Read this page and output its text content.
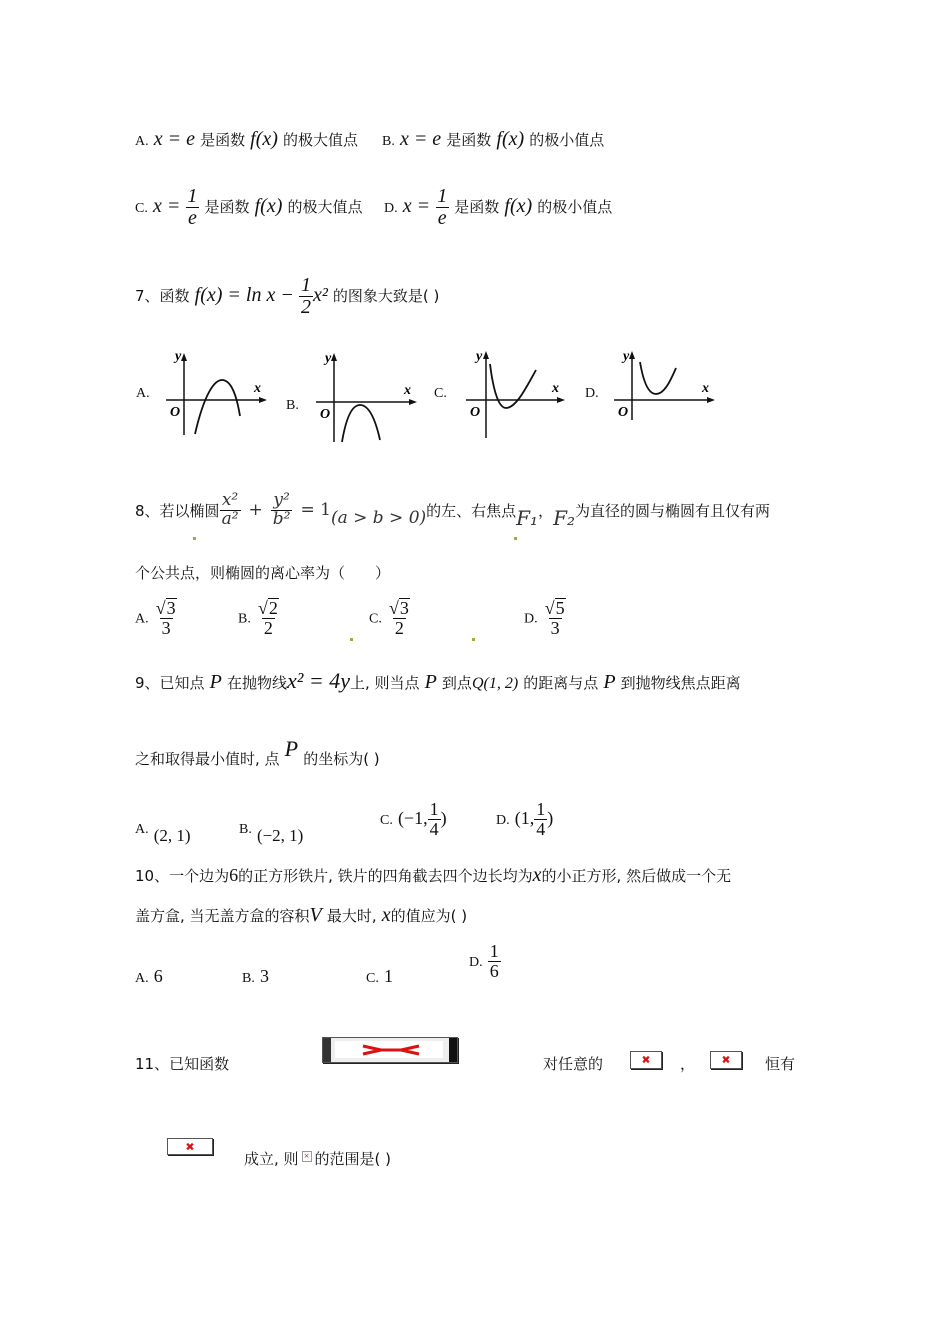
A. x = e 是函数 f(x) 的极大值点 B. x = e 是函数 f(x) 的极小值点
C. $x = \frac{1}{e}$ 是函数 f(x) 的极大值点 D. $x = \frac{1}{e}$ 是函数 f(x) 的极小值点
7、函数 $f(x) = \ln x - \frac{1}{2} x^2$ 的图象大致是( )
A.
y
x
O	B.
y
x
O
C.
y
x
O
D.
y
x
O
8、 若以椭圆 $\frac{\text{x²}}{\text{a²}} + \frac{\text{y²}}{\text{b²}} = 1$ (a > b > 0) 的左、右焦点 F₁ ， F₂ 为直径的圆与椭圆有且仅有两
个公共点，则椭圆的离心率为（　　）
A. $\frac{√ 3}{3}$	B. $\frac{√ 2}{2}$	C. $\frac{√ 3}{2}$	D. $\frac{√ 5}{3}$
9、已知点 P 在抛物线x² = 4y上, 则当点 P 到点Q(1, 2) 的距离与点 P 到抛物线焦点距离
之和取得最小值时, 点 P 的坐标为( )
A. (2, 1)	B. (−2, 1)
C. (−1, $\frac{1}{4}$ )	D. (1, $\frac{1}{4}$ )
10、一个边为6的正方形铁片, 铁片的四角截去四个边长均为x的小正方形, 然后做成一个无
盖方盒, 当无盖方盒的容积V 最大时, x的值应为( )
A. 6	B. 3	C. 1
D. $\frac{1}{6}$
11、已知函数	对任意的	✖ ， ✖ 恒有
✖
成立, 则 × 的范围是( )
